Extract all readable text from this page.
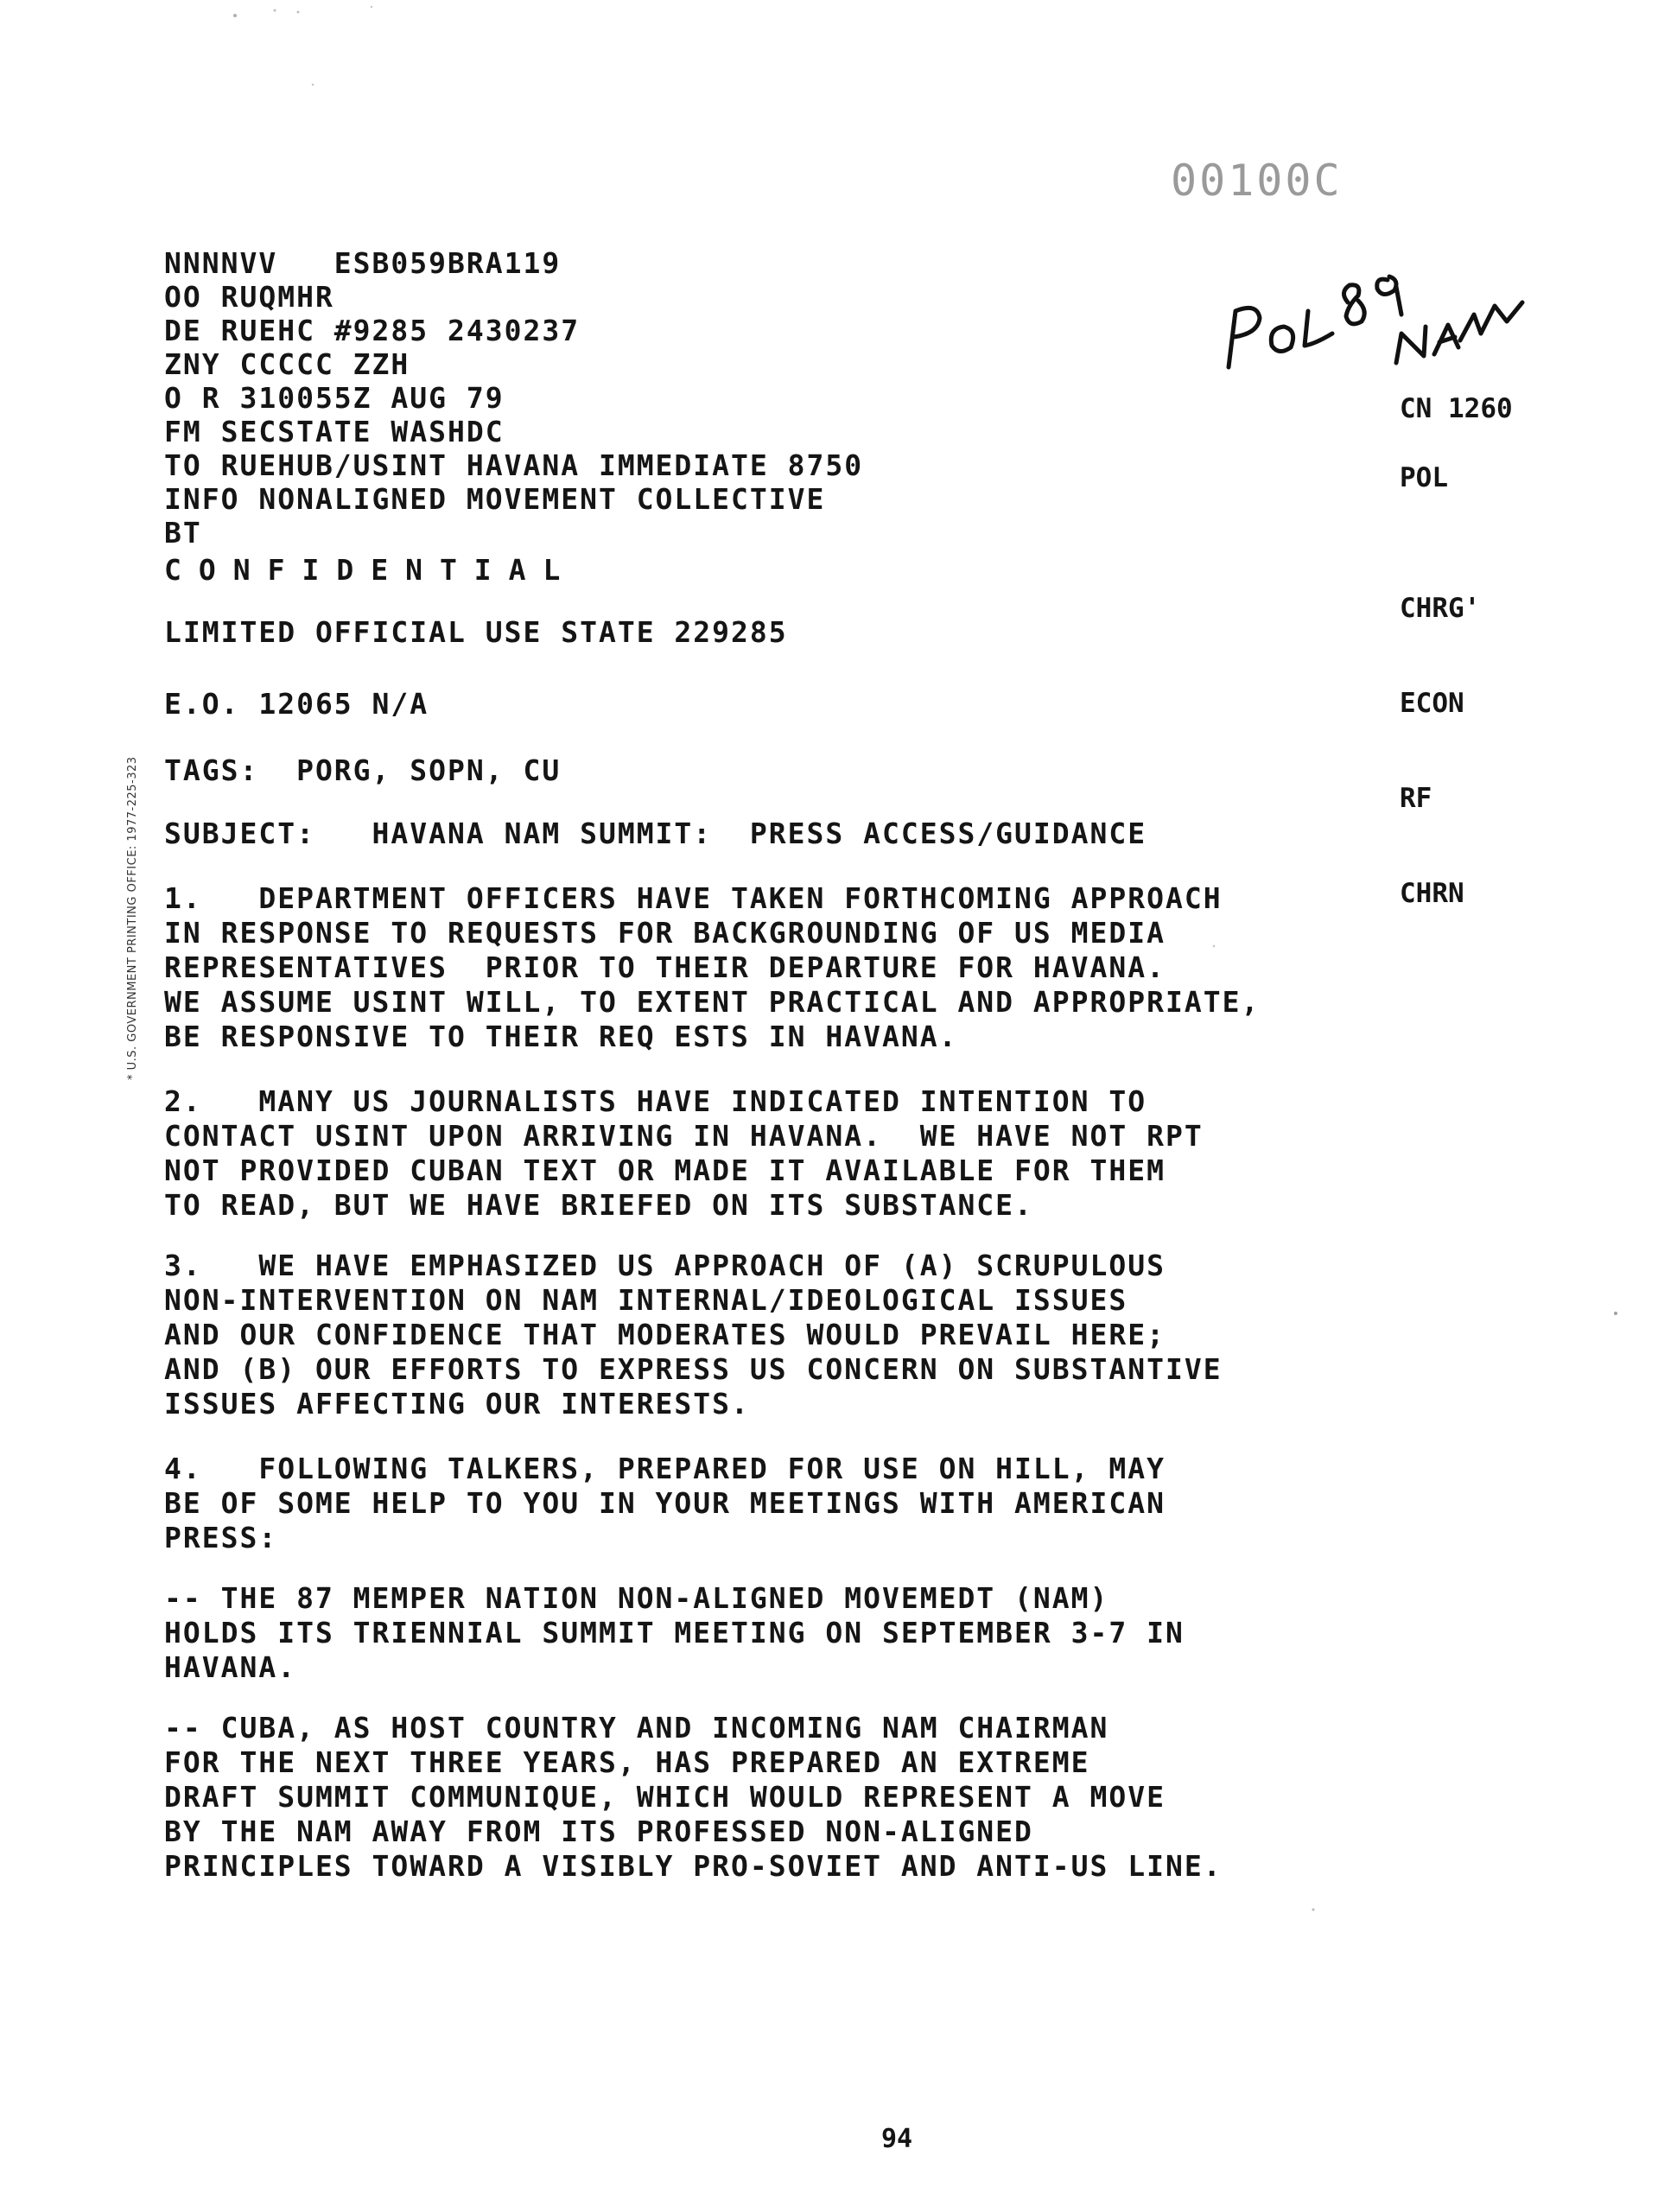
00100C
NNNNVV   ESB059BRA119
OO RUQMHR
DE RUEHC #9285 2430237
ZNY CCCCC ZZH
O R 310055Z AUG 79
FM SECSTATE WASHDC
TO RUEHUB/USINT HAVANA IMMEDIATE 8750
INFO NONALIGNED MOVEMENT COLLECTIVE
BT
CONFIDENTIAL
CN 1260
POL

CHRG'

ECON

RF

CHRN

* U.S. GOVERNMENT PRINTING OFFICE: 1977-225-323
LIMITED OFFICIAL USE STATE 229285
E.O. 12065 N/A
TAGS:  PORG, SOPN, CU
SUBJECT:   HAVANA NAM SUMMIT:  PRESS ACCESS/GUIDANCE
1.   DEPARTMENT OFFICERS HAVE TAKEN FORTHCOMING APPROACH
IN RESPONSE TO REQUESTS FOR BACKGROUNDING OF US MEDIA
REPRESENTATIVES  PRIOR TO THEIR DEPARTURE FOR HAVANA.
WE ASSUME USINT WILL, TO EXTENT PRACTICAL AND APPROPRIATE,
BE RESPONSIVE TO THEIR REQ ESTS IN HAVANA.
2.   MANY US JOURNALISTS HAVE INDICATED INTENTION TO
CONTACT USINT UPON ARRIVING IN HAVANA.  WE HAVE NOT RPT
NOT PROVIDED CUBAN TEXT OR MADE IT AVAILABLE FOR THEM
TO READ, BUT WE HAVE BRIEFED ON ITS SUBSTANCE.
3.   WE HAVE EMPHASIZED US APPROACH OF (A) SCRUPULOUS
NON-INTERVENTION ON NAM INTERNAL/IDEOLOGICAL ISSUES
AND OUR CONFIDENCE THAT MODERATES WOULD PREVAIL HERE;
AND (B) OUR EFFORTS TO EXPRESS US CONCERN ON SUBSTANTIVE
ISSUES AFFECTING OUR INTERESTS.
4.   FOLLOWING TALKERS, PREPARED FOR USE ON HILL, MAY
BE OF SOME HELP TO YOU IN YOUR MEETINGS WITH AMERICAN
PRESS:
-- THE 87 MEMPER NATION NON-ALIGNED MOVEMEDT (NAM)
HOLDS ITS TRIENNIAL SUMMIT MEETING ON SEPTEMBER 3-7 IN
HAVANA.
-- CUBA, AS HOST COUNTRY AND INCOMING NAM CHAIRMAN
FOR THE NEXT THREE YEARS, HAS PREPARED AN EXTREME
DRAFT SUMMIT COMMUNIQUE, WHICH WOULD REPRESENT A MOVE
BY THE NAM AWAY FROM ITS PROFESSED NON-ALIGNED
PRINCIPLES TOWARD A VISIBLY PRO-SOVIET AND ANTI-US LINE.
94
